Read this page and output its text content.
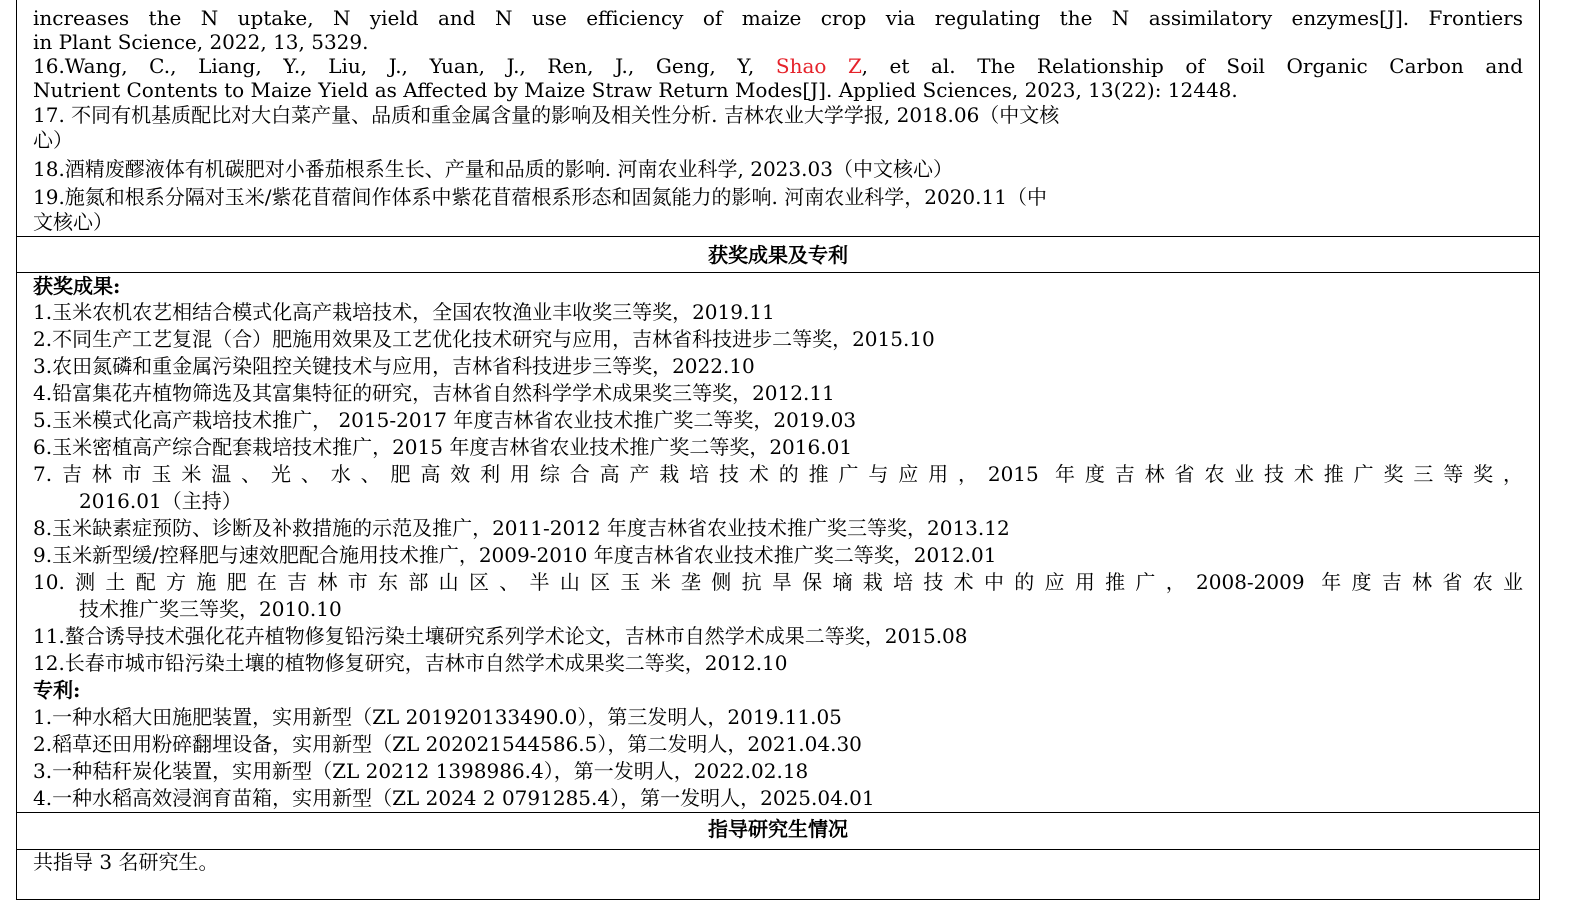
increases the N uptake, N yield and N use efficiency of maize crop via regulating the N assimilatory enzymes[J]. Frontiers
in Plant Science, 2022, 13, 5329.
16.Wang, C., Liang, Y., Liu, J., Yuan, J., Ren, J., Geng, Y, Shao Z, et al. The Relationship of Soil Organic Carbon and
Nutrient Contents to Maize Yield as Affected by Maize Straw Return Modes[J]. Applied Sciences, 2023, 13(22): 12448.
17. 不同有机基质配比对大白菜产量、品质和重金属含量的影响及相关性分析. 吉林农业大学学报, 2018.06（中文核
心）
18.酒精废醪液体有机碳肥对小番茄根系生长、产量和品质的影响. 河南农业科学, 2023.03（中文核心）
19.施氮和根系分隔对玉米/紫花苜蓿间作体系中紫花苜蓿根系形态和固氮能力的影响. 河南农业科学，2020.11（中
文核心）
获奖成果及专利
获奖成果:
1.玉米农机农艺相结合模式化高产栽培技术，全国农牧渔业丰收奖三等奖，2019.11
2.不同生产工艺复混（合）肥施用效果及工艺优化技术研究与应用，吉林省科技进步二等奖，2015.10
3.农田氮磷和重金属污染阻控关键技术与应用，吉林省科技进步三等奖，2022.10
4.铅富集花卉植物筛选及其富集特征的研究，吉林省自然科学学术成果奖三等奖，2012.11
5.玉米模式化高产栽培技术推广， 2015-2017 年度吉林省农业技术推广奖二等奖，2019.03
6.玉米密植高产综合配套栽培技术推广，2015 年度吉林省农业技术推广奖二等奖，2016.01
7.吉林市玉米温、光、水、肥高效利用综合高产栽培技术的推广与应用，2015 年度吉林省农业技术推广奖三等奖，
2016.01（主持）
8.玉米缺素症预防、诊断及补救措施的示范及推广，2011-2012 年度吉林省农业技术推广奖三等奖，2013.12
9.玉米新型缓/控释肥与速效肥配合施用技术推广，2009-2010 年度吉林省农业技术推广奖二等奖，2012.01
10.测土配方施肥在吉林市东部山区、半山区玉米垄侧抗旱保墒栽培技术中的应用推广，2008-2009 年度吉林省农业
技术推广奖三等奖，2010.10
11.螯合诱导技术强化花卉植物修复铅污染土壤研究系列学术论文，吉林市自然学术成果二等奖，2015.08
12.长春市城市铅污染土壤的植物修复研究，吉林市自然学术成果奖二等奖，2012.10
专利:
1.一种水稻大田施肥装置，实用新型（ZL 201920133490.0），第三发明人，2019.11.05
2.稻草还田用粉碎翻埋设备，实用新型（ZL 202021544586.5），第二发明人，2021.04.30
3.一种秸秆炭化装置，实用新型（ZL 20212 1398986.4），第一发明人，2022.02.18
4.一种水稻高效浸润育苗箱，实用新型（ZL 2024 2 0791285.4），第一发明人，2025.04.01
指导研究生情况
共指导 3 名研究生。
